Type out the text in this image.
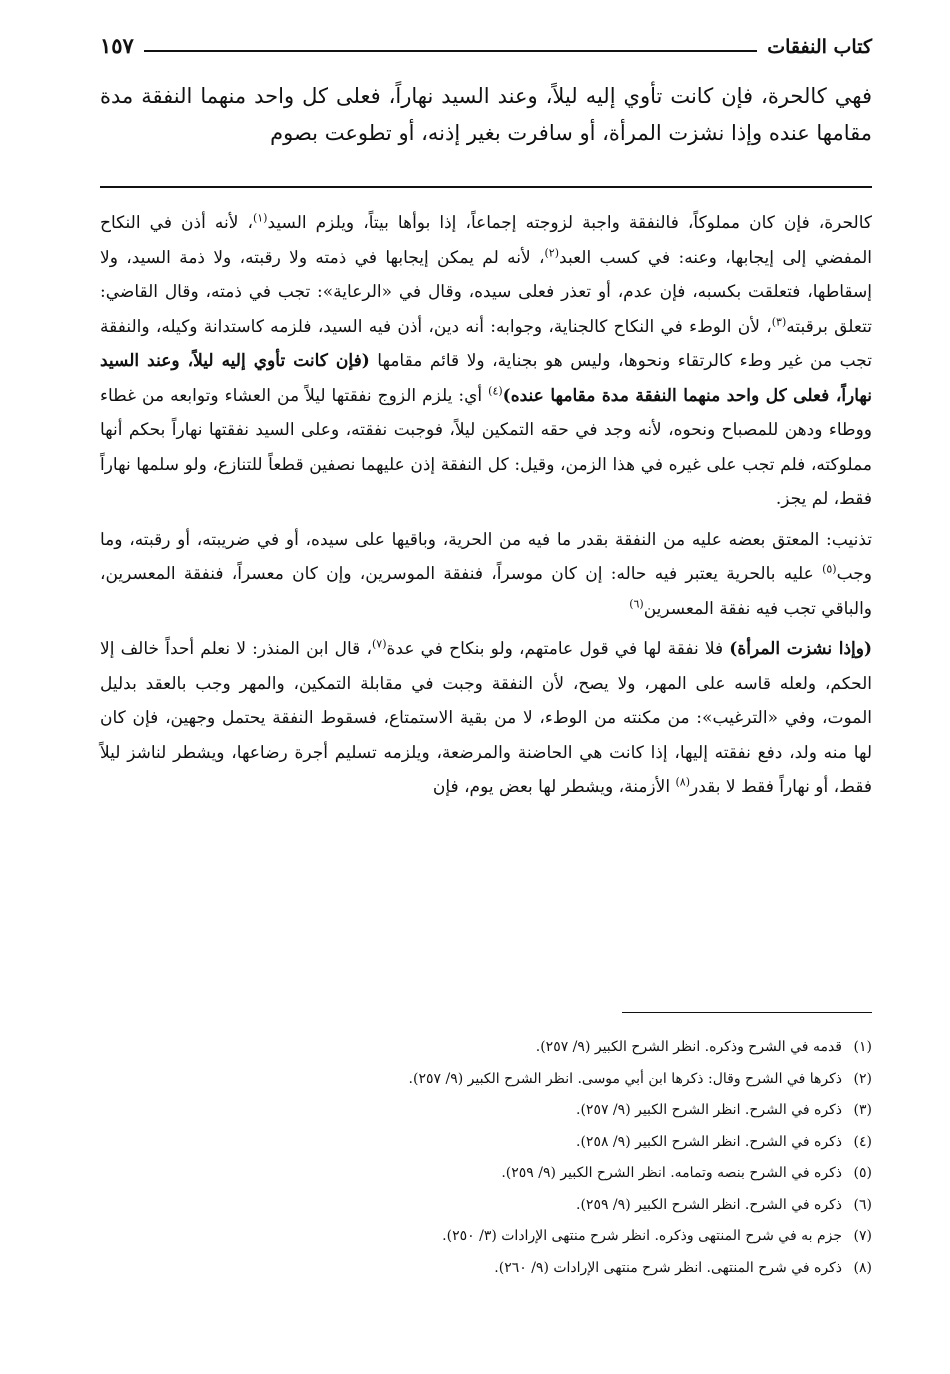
كتاب النفقات
١٥٧

فهي كالحرة، فإن كانت تأوي إليه ليلاً، وعند السيد نهاراً، فعلى كل واحد منهما النفقة مدة مقامها عنده وإذا نشزت المرأة، أو سافرت بغير إذنه، أو تطوعت بصوم

كالحرة، فإن كان مملوكاً، فالنفقة واجبة لزوجته إجماعاً، إذا بوأها بيتاً، ويلزم السيد$^{(١)}$، لأنه أذن في النكاح المفضي إلى إيجابها، وعنه: في كسب العبد$^{(٢)}$، لأنه لم يمكن إيجابها في ذمته ولا رقبته، ولا ذمة السيد، ولا إسقاطها، فتعلقت بكسبه، فإن عدم، أو تعذر فعلى سيده، وقال في «الرعاية»: تجب في ذمته، وقال القاضي: تتعلق برقبته$^{(٣)}$، لأن الوطء في النكاح كالجناية، وجوابه: أنه دين، أذن فيه السيد، فلزمه كاستدانة وكيله، والنفقة تجب من غير وطء كالرتقاء ونحوها، وليس هو بجناية، ولا قائم مقامها (فإن كانت تأوي إليه ليلاً، وعند السيد نهاراً، فعلى كل واحد منهما النفقة مدة مقامها عنده)$^{(٤)}$ أي: يلزم الزوج نفقتها ليلاً من العشاء وتوابعه من غطاء ووطاء ودهن للمصباح ونحوه، لأنه وجد في حقه التمكين ليلاً، فوجبت نفقته، وعلى السيد نفقتها نهاراً بحكم أنها مملوكته، فلم تجب على غيره في هذا الزمن، وقيل: كل النفقة إذن عليهما نصفين قطعاً للتنازع، ولو سلمها نهاراً فقط، لم يجز.

تذنيب: المعتق بعضه عليه من النفقة بقدر ما فيه من الحرية، وباقيها على سيده، أو في ضريبته، أو رقبته، وما وجب$^{(٥)}$ عليه بالحرية يعتبر فيه حاله: إن كان موسراً، فنفقة الموسرين، وإن كان معسراً، فنفقة المعسرين، والباقي تجب فيه نفقة المعسرين$^{(٦)}$

(وإذا نشزت المرأة) فلا نفقة لها في قول عامتهم، ولو بنكاح في عدة$^{(٧)}$، قال ابن المنذر: لا نعلم أحداً خالف إلا الحكم، ولعله قاسه على المهر، ولا يصح، لأن النفقة وجبت في مقابلة التمكين، والمهر وجب بالعقد بدليل الموت، وفي «الترغيب»: من مكنته من الوطء، لا من بقية الاستمتاع، فسقوط النفقة يحتمل وجهين، فإن كان لها منه ولد، دفع نفقته إليها، إذا كانت هي الحاضنة والمرضعة، ويلزمه تسليم أجرة رضاعها، ويشطر لناشز ليلاً فقط، أو نهاراً فقط لا بقدر$^{(٨)}$ الأزمنة، ويشطر لها بعض يوم، فإن

(١)قدمه في الشرح وذكره. انظر الشرح الكبير (٩/ ٢٥٧).
(٢)ذكرها في الشرح وقال: ذكرها ابن أبي موسى. انظر الشرح الكبير (٩/ ٢٥٧).
(٣)ذكره في الشرح. انظر الشرح الكبير (٩/ ٢٥٧).
(٤)ذكره في الشرح. انظر الشرح الكبير (٩/ ٢٥٨).
(٥)ذكره في الشرح بنصه وتمامه. انظر الشرح الكبير (٩/ ٢٥٩).
(٦)ذكره في الشرح. انظر الشرح الكبير (٩/ ٢٥٩).
(٧)جزم به في شرح المنتهى وذكره. انظر شرح منتهى الإرادات (٣/ ٢٥٠).
(٨)ذكره في شرح المنتهى. انظر شرح منتهى الإرادات (٩/ ٢٦٠).
